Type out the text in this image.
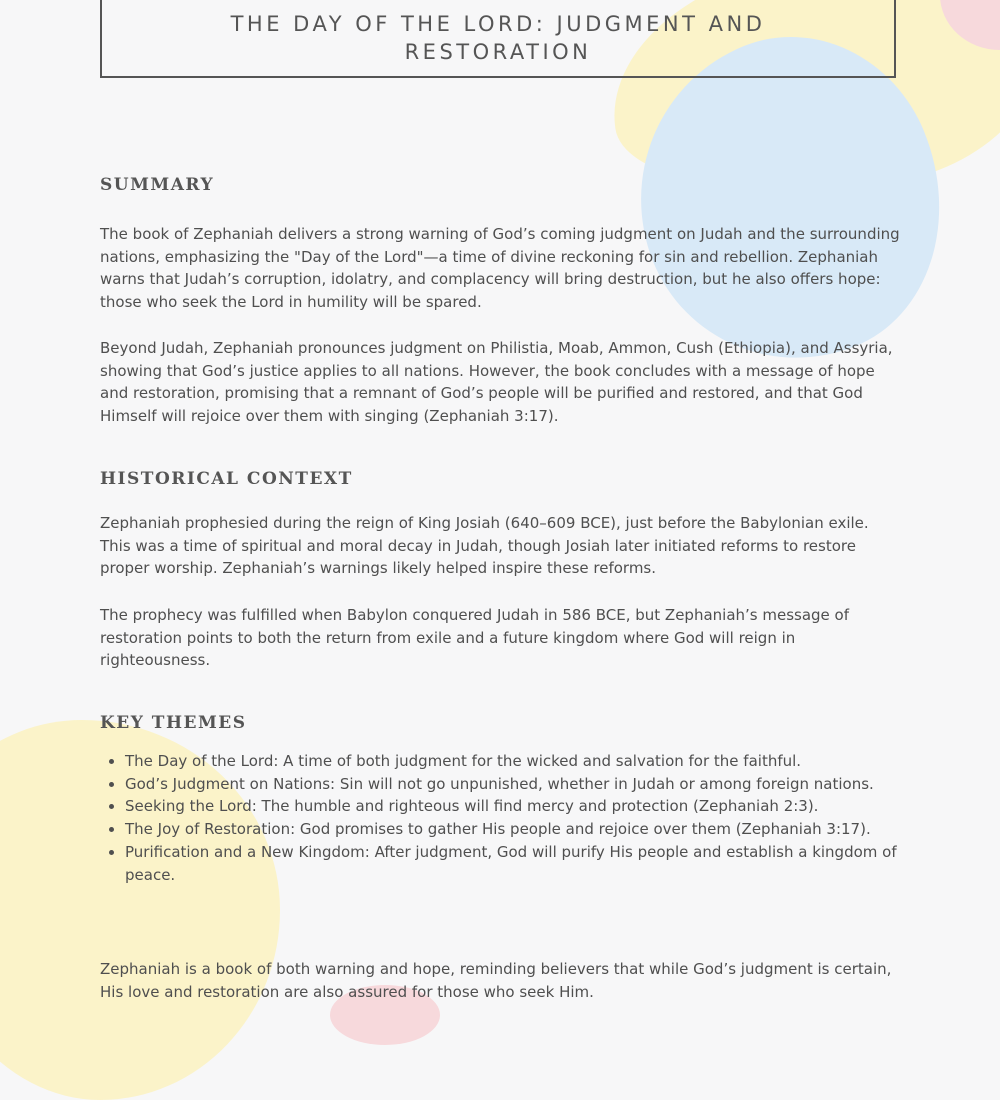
THE DAY OF THE LORD: JUDGMENT AND
RESTORATION
SUMMARY

The book of Zephaniah delivers a strong warning of God’s coming judgment on Judah and the surrounding nations, emphasizing the "Day of the Lord"—a time of divine reckoning for sin and rebellion. Zephaniah warns that Judah’s corruption, idolatry, and complacency will bring destruction, but he also offers hope: those who seek the Lord in humility will be spared.

Beyond Judah, Zephaniah pronounces judgment on Philistia, Moab, Ammon, Cush (Ethiopia), and Assyria, showing that God’s justice applies to all nations. However, the book concludes with a message of hope and restoration, promising that a remnant of God’s people will be purified and restored, and that God Himself will rejoice over them with singing (Zephaniah 3:17).

HISTORICAL CONTEXT

Zephaniah prophesied during the reign of King Josiah (640–609 BCE), just before the Babylonian exile. This was a time of spiritual and moral decay in Judah, though Josiah later initiated reforms to restore proper worship. Zephaniah’s warnings likely helped inspire these reforms.

The prophecy was fulfilled when Babylon conquered Judah in 586 BCE, but Zephaniah’s message of restoration points to both the return from exile and a future kingdom where God will reign in righteousness.

KEY THEMES
• The Day of the Lord: A time of both judgment for the wicked and salvation for the faithful.
• God’s Judgment on Nations: Sin will not go unpunished, whether in Judah or among foreign nations.
• Seeking the Lord: The humble and righteous will find mercy and protection (Zephaniah 2:3).
• The Joy of Restoration: God promises to gather His people and rejoice over them (Zephaniah 3:17).
• Purification and a New Kingdom: After judgment, God will purify His people and establish a kingdom of peace.

Zephaniah is a book of both warning and hope, reminding believers that while God’s judgment is certain, His love and restoration are also assured for those who seek Him.
